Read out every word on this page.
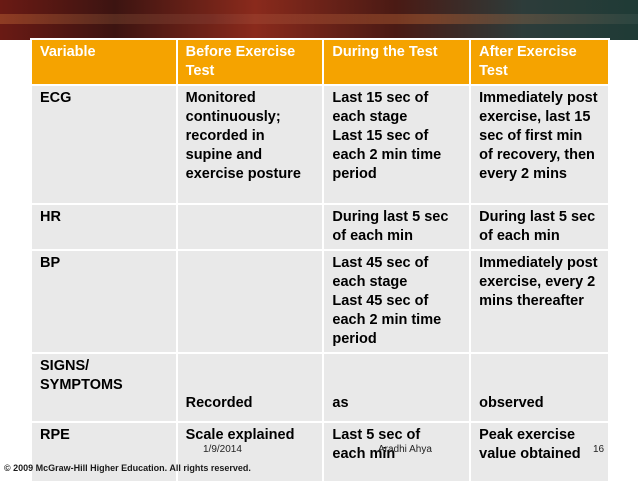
Variable	Before Exercise Test	During the Test	After Exercise Test
ECG	Monitored
continuously;
recorded in
supine and
exercise posture	Last 15 sec of
each stage
Last 15 sec of
each 2 min time
period	Immediately post
exercise, last 15
sec of first min
of recovery, then
every 2 mins

HR		During last 5 sec
of each min	During last 5 sec
of each min

BP		Last 45 sec of
each stage
Last 45 sec of
each 2 min time
period	Immediately post
exercise, every 2
mins thereafter

SIGNS/
SYMPTOMS	Recorded	as	observed
RPE	Scale explained	Last 5 sec of
each min	Peak exercise
value obtained
1/9/2014	Aradhi Ahya	16
© 2009 McGraw-Hill Higher Education. All rights reserved.
